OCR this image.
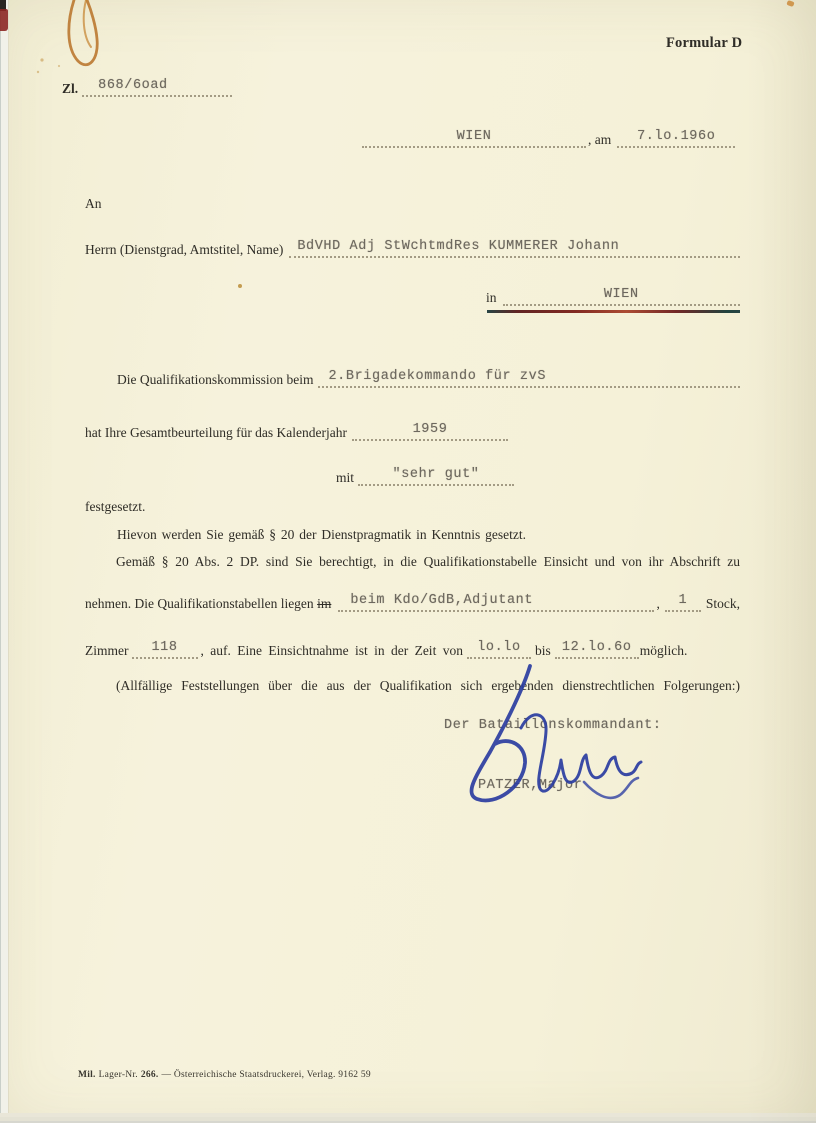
Formular D
Zl. 868/6oad
WIEN	, am 7.lo.196o
An
Herrn (Dienstgrad, Amtstitel, Name) BdVHD Adj StWchtmdRes KUMMERER Johann
in	WIEN
Die Qualifikationskommission beim 2.Brigadekommando für zvS
hat Ihre Gesamtbeurteilung für das Kalenderjahr	1959
mit	"sehr gut"
festgesetzt.
Hievon werden Sie gemäß § 20 der Dienstpragmatik in Kenntnis gesetzt.
Gemäß § 20 Abs. 2 DP. sind Sie berechtigt, in die Qualifikationstabelle Einsicht und von ihr Abschrift zu
nehmen. Die Qualifikationstabellen liegen im beim Kdo/GdB,Adjutant	, 1 Stock,
Zimmer 118 , auf. Eine Einsichtnahme ist in der Zeit von lo.lo bis 12.lo.6o möglich.
(Allfällige Feststellungen über die aus der Qualifikation sich ergebenden dienstrechtlichen Folgerungen:)
Der Bataillonskommandant:
PATZER,Major
Mil. Lager-Nr. 266. — Österreichische Staatsdruckerei, Verlag. 9162 59
